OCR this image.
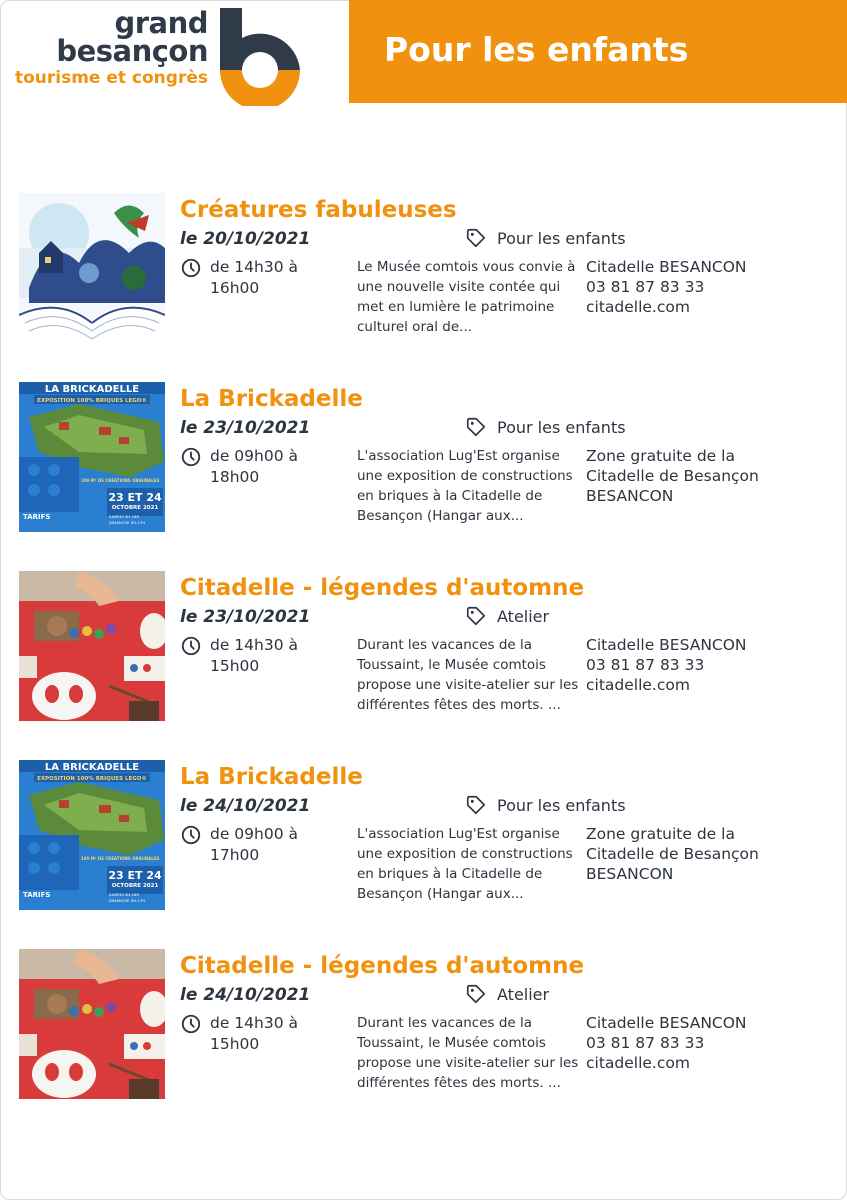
grand
besançon
tourisme et congrès
Pour les enfants
Créatures fabuleuses
le 20/10/2021	Pour les enfants
de 14h30 à 16h00
Le Musée comtois vous convie à une nouvelle visite contée qui met en lumière le patrimoine culturel oral de...
Citadelle BESANCON
03 81 87 83 33
citadelle.com
LA BRICKADELLE
EXPOSITION 100% BRIQUES LEGO®
100 M² DE CRÉATIONS ORIGINALES
23 ET 24
OCTOBRE 2021
SAMEDI 9H-18H
DIMANCHE 9H-17H
TARIFS
La Brickadelle
le 23/10/2021	Pour les enfants
de 09h00 à 18h00
L'association Lug'Est organise une exposition de constructions en briques à la Citadelle de Besançon (Hangar aux...
Zone gratuite de la
Citadelle de Besançon
BESANCON
Citadelle - légendes d'automne
le 23/10/2021	Atelier
de 14h30 à 15h00
Durant les vacances de la Toussaint, le Musée comtois propose une visite-atelier sur les différentes fêtes des morts. ...
Citadelle BESANCON
03 81 87 83 33
citadelle.com
LA BRICKADELLE
EXPOSITION 100% BRIQUES LEGO®
100 M² DE CRÉATIONS ORIGINALES
23 ET 24
OCTOBRE 2021
SAMEDI 9H-18H
DIMANCHE 9H-17H
TARIFS
La Brickadelle
le 24/10/2021	Pour les enfants
de 09h00 à 17h00
L'association Lug'Est organise une exposition de constructions en briques à la Citadelle de Besançon (Hangar aux...
Zone gratuite de la
Citadelle de Besançon
BESANCON
Citadelle - légendes d'automne
le 24/10/2021	Atelier
de 14h30 à 15h00
Durant les vacances de la Toussaint, le Musée comtois propose une visite-atelier sur les différentes fêtes des morts. ...
Citadelle BESANCON
03 81 87 83 33
citadelle.com
